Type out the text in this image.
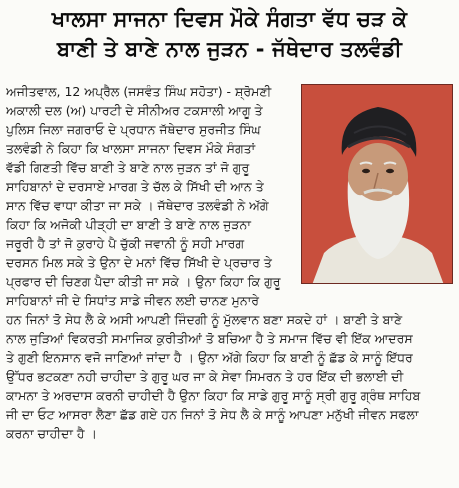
ਖਾਲਸਾ ਸਾਜਨਾ ਦਿਵਸ ਮੌਕੇ ਸੰਗਤਾ ਵੱਧ ਚੜ ਕੇ
ਬਾਣੀ ਤੇ ਬਾਣੇ ਨਾਲ ਜੁੜਨ - ਜੱਥੇਦਾਰ ਤਲਵੰਡੀ
ਅਜੀਤਵਾਲ, 12 ਅਪ੍ਰੈਲ (ਜਸਵੰਤ ਸਿੰਘ ਸਹੋਤਾ) - ਸ਼੍ਰੋਮਣੀ
ਅਕਾਲੀ ਦਲ (ਅ) ਪਾਰਟੀ ਦੇ ਸੀਨੀਅਰ ਟਕਸਾਲੀ ਆਗੂ ਤੇ
ਪੁਲਿਸ ਜਿਲਾ ਜਗਰਾਓ ਦੇ ਪ੍ਰਧਾਨ ਜੱਥੇਦਾਰ ਸੁਰਜੀਤ ਸਿੰਘ
ਤਲਵੰਡੀ ਨੇ ਕਿਹਾ ਕਿ ਖਾਲਸਾ ਸਾਜਨਾ ਦਿਵਸ ਮੌਕੇ ਸੰਗਤਾਂ
ਵੱਡੀ ਗਿਣਤੀ ਵਿੱਚ ਬਾਣੀ ਤੇ ਬਾਣੇ ਨਾਲ ਜੁੜਨ ਤਾਂ ਜੋ ਗੁਰੂ
ਸਾਹਿਬਾਨਾਂ ਦੇ ਦਰਸਾਏ ਮਾਰਗ ਤੇ ਚੱਲ ਕੇ ਸਿੱਖੀ ਦੀ ਆਨ ਤੇ
ਸਾਨ ਵਿੱਚ ਵਾਧਾ ਕੀਤਾ ਜਾ ਸਕੇ । ਜੱਥੇਦਾਰ ਤਲਵੰਡੀ ਨੇ ਅੱਗੇ
ਕਿਹਾ ਕਿ ਅਜੋਕੀ ਪੀੜ੍ਹੀ ਦਾ ਬਾਣੀ ਤੇ ਬਾਣੇ ਨਾਲ ਜੁੜਨਾ
ਜਰੂਰੀ ਹੈ ਤਾਂ ਜੋ ਕੁਰਾਹੇ ਪੈ ਚੁੱਕੀ ਜਵਾਨੀ ਨੂੰ ਸਹੀ ਮਾਰਗ
ਦਰਸਨ ਮਿਲ ਸਕੇ ਤੇ ਉਨਾ ਦੇ ਮਨਾਂ ਵਿੱਚ ਸਿੱਖੀ ਦੇ ਪ੍ਰਚਾਰ ਤੇ
ਪ੍ਰਫਾਰ ਦੀ ਚਿਣਗ ਪੈਦਾ ਕੀਤੀ ਜਾ ਸਕੇ । ਉਨਾ ਕਿਹਾ ਕਿ ਗੁਰੂ
ਸਾਹਿਬਾਨਾਂ ਜੀ ਦੇ ਸਿਧਾਂਤ ਸਾਡੇ ਜੀਵਨ ਲਈ ਚਾਨਣ ਮੁਨਾਰੇ
ਹਨ ਜਿਨਾਂ ਤੋ ਸੇਧ ਲੈ ਕੇ ਅਸੀ ਆਪਣੀ ਜਿੰਦਗੀ ਨੂੰ ਮੁੱਲਵਾਨ ਬਣਾ ਸਕਦੇ ਹਾਂ । ਬਾਣੀ ਤੇ ਬਾਣੇ
ਨਾਲ ਜੁੜਿਆਂ ਵਿਕਰਤੀ ਸਮਾਜਿਕ ਕੁਰੀਤੀਆਂ ਤੋ ਬਚਿਆ ਹੈ ਤੇ ਸਮਾਜ ਵਿੱਚ ਵੀ ਇੱਕ ਆਦਰਸ
ਤੇ ਗੁਣੀ ਇਨਸਾਨ ਵਜੋ ਜਾਣਿਆਂ ਜਾਂਦਾ ਹੈ । ਉਨਾ ਅੱਗੇ ਕਿਹਾ ਕਿ ਬਾਣੀ ਨੂੰ ਛੱਡ ਕੇ ਸਾਨੂੰ ਇੱਧਰ
ਉੱਧਰ ਭਟਕਣਾ ਨਹੀ ਚਾਹੀਦਾ ਤੇ ਗੁਰੂ ਘਰ ਜਾ ਕੇ ਸੇਵਾ ਸਿਮਰਨ ਤੇ ਹਰ ਇੱਕ ਦੀ ਭਲਾਈ ਦੀ
ਕਾਮਨਾ ਤੇ ਅਰਦਾਸ ਕਰਨੀ ਚਾਹੀਦੀ ਹੈ ਉਨਾ ਕਿਹਾ ਕਿ ਸਾਡੇ ਗੁਰੂ ਸਾਨੂੰ ਸ੍ਰੀ ਗੁਰੂ ਗ੍ਰੰਥ ਸਾਹਿਬ
ਜੀ ਦਾ ਓਟ ਆਸਰਾ ਲੈਣਾ ਛੱਡ ਗਏ ਹਨ ਜਿਨਾਂ ਤੋ ਸੇਧ ਲੈ ਕੇ ਸਾਨੂੰ ਆਪਣਾ ਮਨੁੱਖੀ ਜੀਵਨ ਸਫਲਾ
ਕਰਨਾ ਚਾਹੀਦਾ ਹੈ ।
